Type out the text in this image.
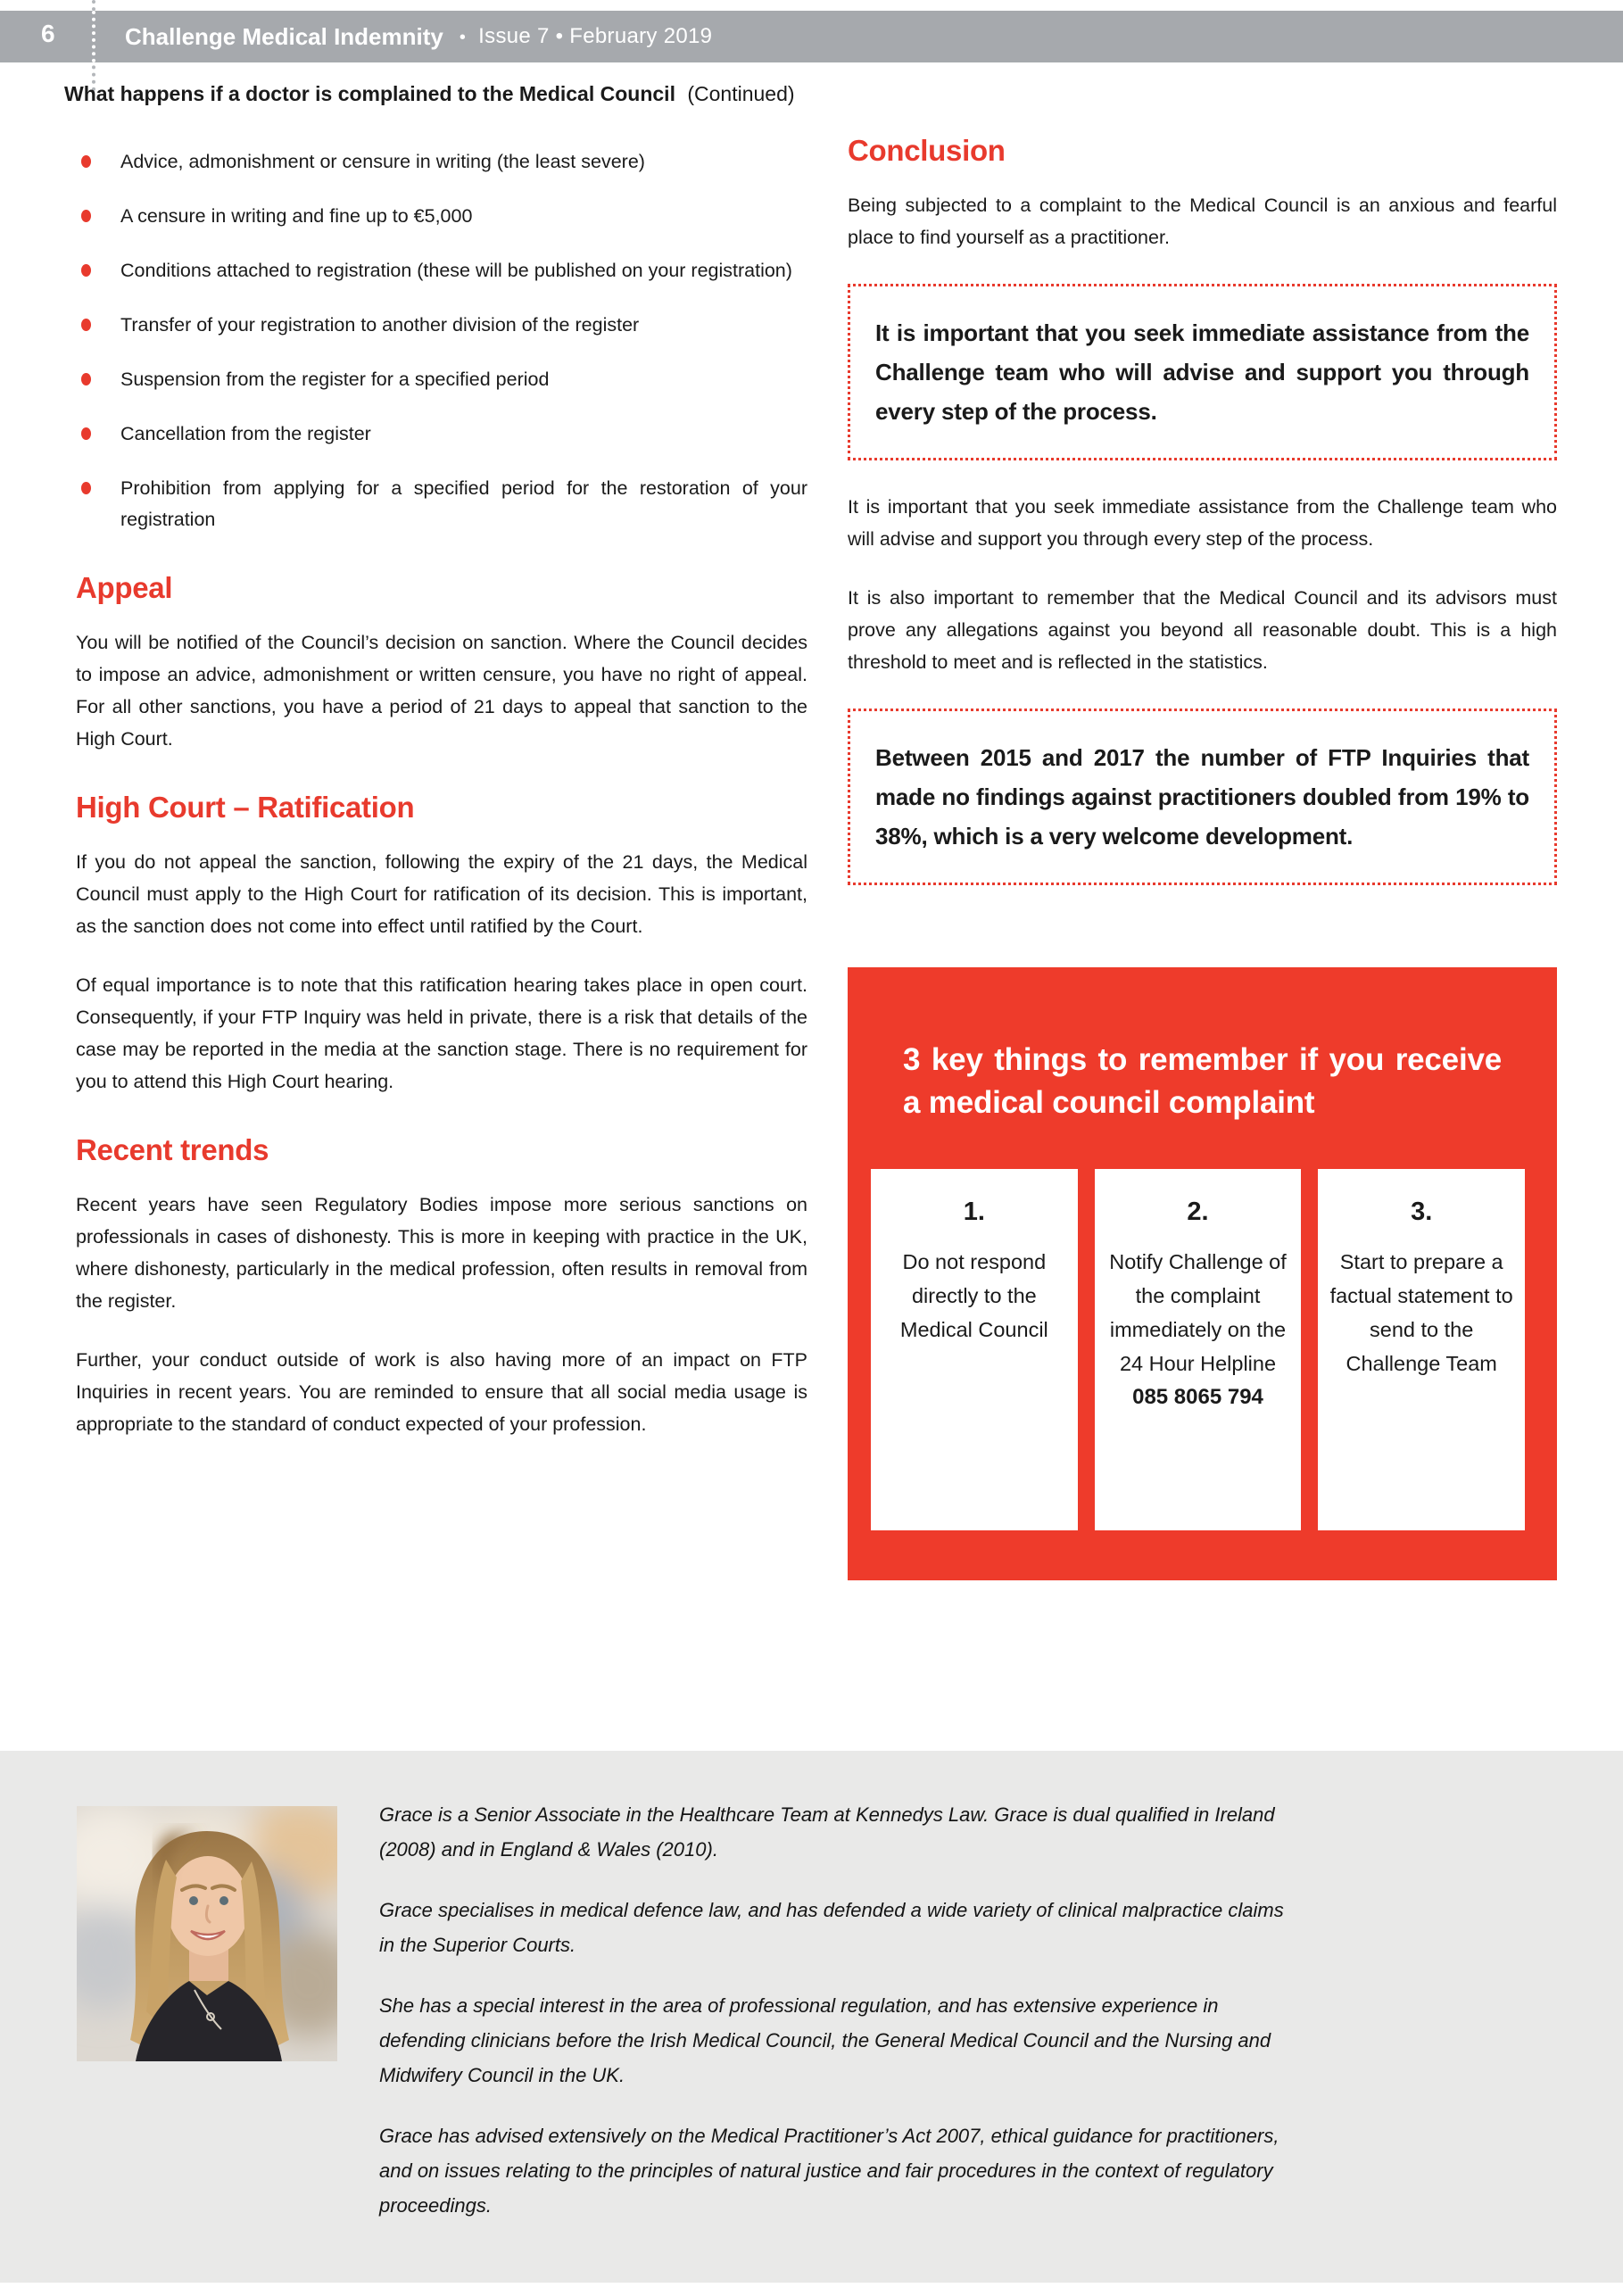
6	Challenge Medical Indemnity • Issue 7 • February 2019
What happens if a doctor is complained to the Medical Council (Continued)
Advice, admonishment or censure in writing (the least severe)
A censure in writing and fine up to €5,000
Conditions attached to registration (these will be published on your registration)
Transfer of your registration to another division of the register
Suspension from the register for a specified period
Cancellation from the register
Prohibition from applying for a specified period for the restoration of your registration
Appeal

You will be notified of the Council’s decision on sanction. Where the Council decides to impose an advice, admonishment or written censure, you have no right of appeal. For all other sanctions, you have a period of 21 days to appeal that sanction to the High Court.

High Court – Ratification

If you do not appeal the sanction, following the expiry of the 21 days, the Medical Council must apply to the High Court for ratification of its decision. This is important, as the sanction does not come into effect until ratified by the Court.

Of equal importance is to note that this ratification hearing takes place in open court. Consequently, if your FTP Inquiry was held in private, there is a risk that details of the case may be reported in the media at the sanction stage. There is no requirement for you to attend this High Court hearing.

Recent trends

Recent years have seen Regulatory Bodies impose more serious sanctions on professionals in cases of dishonesty. This is more in keeping with practice in the UK, where dishonesty, particularly in the medical profession, often results in removal from the register.

Further, your conduct outside of work is also having more of an impact on FTP Inquiries in recent years. You are reminded to ensure that all social media usage is appropriate to the standard of conduct expected of your profession.

Conclusion

Being subjected to a complaint to the Medical Council is an anxious and fearful place to find yourself as a practitioner.

It is important that you seek immediate assistance from the Challenge team who will advise and support you through every step of the process.

It is important that you seek immediate assistance from the Challenge team who will advise and support you through every step of the process.

It is also important to remember that the Medical Council and its advisors must prove any allegations against you beyond all reasonable doubt. This is a high threshold to meet and is reflected in the statistics.

Between 2015 and 2017 the number of FTP Inquiries that made no findings against practitioners doubled from 19% to 38%, which is a very welcome development.
3 key things to remember if you receive a medical council complaint
1.
Do not respond directly to the Medical Council
2.
Notify Challenge of the complaint immediately on the 24 Hour Helpline
085 8065 794
3.
Start to prepare a factual statement to send to the Challenge Team

Grace is a Senior Associate in the Healthcare Team at Kennedys Law. Grace is dual qualified in Ireland (2008) and in England & Wales (2010).

Grace specialises in medical defence law, and has defended a wide variety of clinical malpractice claims in the Superior Courts.

She has a special interest in the area of professional regulation, and has extensive experience in defending clinicians before the Irish Medical Council, the General Medical Council and the Nursing and Midwifery Council in the UK.

Grace has advised extensively on the Medical Practitioner’s Act 2007, ethical guidance for practitioners, and on issues relating to the principles of natural justice and fair procedures in the context of regulatory proceedings.
